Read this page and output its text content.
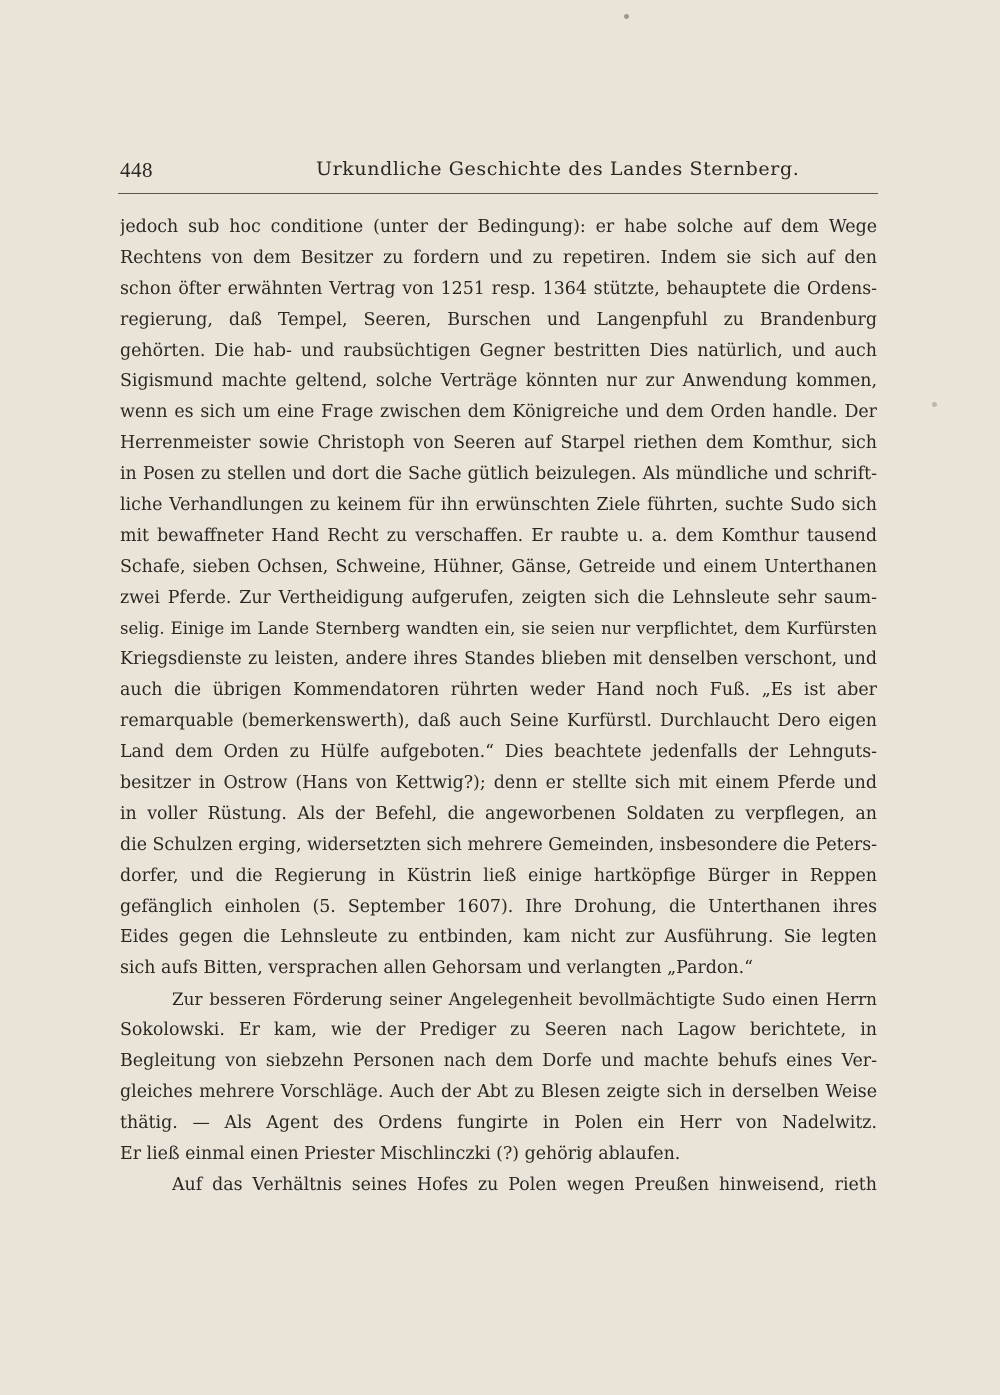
448	Urkundliche Geschichte des Landes Sternberg.
jedoch sub hoc conditione (unter der Bedingung): er habe solche auf dem Wege
Rechtens von dem Besitzer zu fordern und zu repetiren. Indem sie sich auf den
schon öfter erwähnten Vertrag von 1251 resp. 1364 stützte, behauptete die Ordens-
regierung, daß Tempel, Seeren, Burschen und Langenpfuhl zu Brandenburg
gehörten. Die hab- und raubsüchtigen Gegner bestritten Dies natürlich, und auch
Sigismund machte geltend, solche Verträge könnten nur zur Anwendung kommen,
wenn es sich um eine Frage zwischen dem Königreiche und dem Orden handle. Der
Herrenmeister sowie Christoph von Seeren auf Starpel riethen dem Komthur, sich
in Posen zu stellen und dort die Sache gütlich beizulegen. Als mündliche und schrift-
liche Verhandlungen zu keinem für ihn erwünschten Ziele führten, suchte Sudo sich
mit bewaffneter Hand Recht zu verschaffen. Er raubte u. a. dem Komthur tausend
Schafe, sieben Ochsen, Schweine, Hühner, Gänse, Getreide und einem Unterthanen
zwei Pferde. Zur Vertheidigung aufgerufen, zeigten sich die Lehnsleute sehr saum-
selig. Einige im Lande Sternberg wandten ein, sie seien nur verpflichtet, dem Kurfürsten
Kriegsdienste zu leisten, andere ihres Standes blieben mit denselben verschont, und
auch die übrigen Kommendatoren rührten weder Hand noch Fuß. „Es ist aber
remarquable (bemerkenswerth), daß auch Seine Kurfürstl. Durchlaucht Dero eigen
Land dem Orden zu Hülfe aufgeboten.“ Dies beachtete jedenfalls der Lehnguts-
besitzer in Ostrow (Hans von Kettwig?); denn er stellte sich mit einem Pferde und
in voller Rüstung. Als der Befehl, die angeworbenen Soldaten zu verpflegen, an
die Schulzen erging, widersetzten sich mehrere Gemeinden, insbesondere die Peters-
dorfer, und die Regierung in Küstrin ließ einige hartköpfige Bürger in Reppen
gefänglich einholen (5. September 1607). Ihre Drohung, die Unterthanen ihres
Eides gegen die Lehnsleute zu entbinden, kam nicht zur Ausführung. Sie legten
sich aufs Bitten, versprachen allen Gehorsam und verlangten „Pardon.“
Zur besseren Förderung seiner Angelegenheit bevollmächtigte Sudo einen Herrn
Sokolowski. Er kam, wie der Prediger zu Seeren nach Lagow berichtete, in
Begleitung von siebzehn Personen nach dem Dorfe und machte behufs eines Ver-
gleiches mehrere Vorschläge. Auch der Abt zu Blesen zeigte sich in derselben Weise
thätig. — Als Agent des Ordens fungirte in Polen ein Herr von Nadelwitz.
Er ließ einmal einen Priester Mischlinczki (?) gehörig ablaufen.
Auf das Verhältnis seines Hofes zu Polen wegen Preußen hinweisend, rieth
